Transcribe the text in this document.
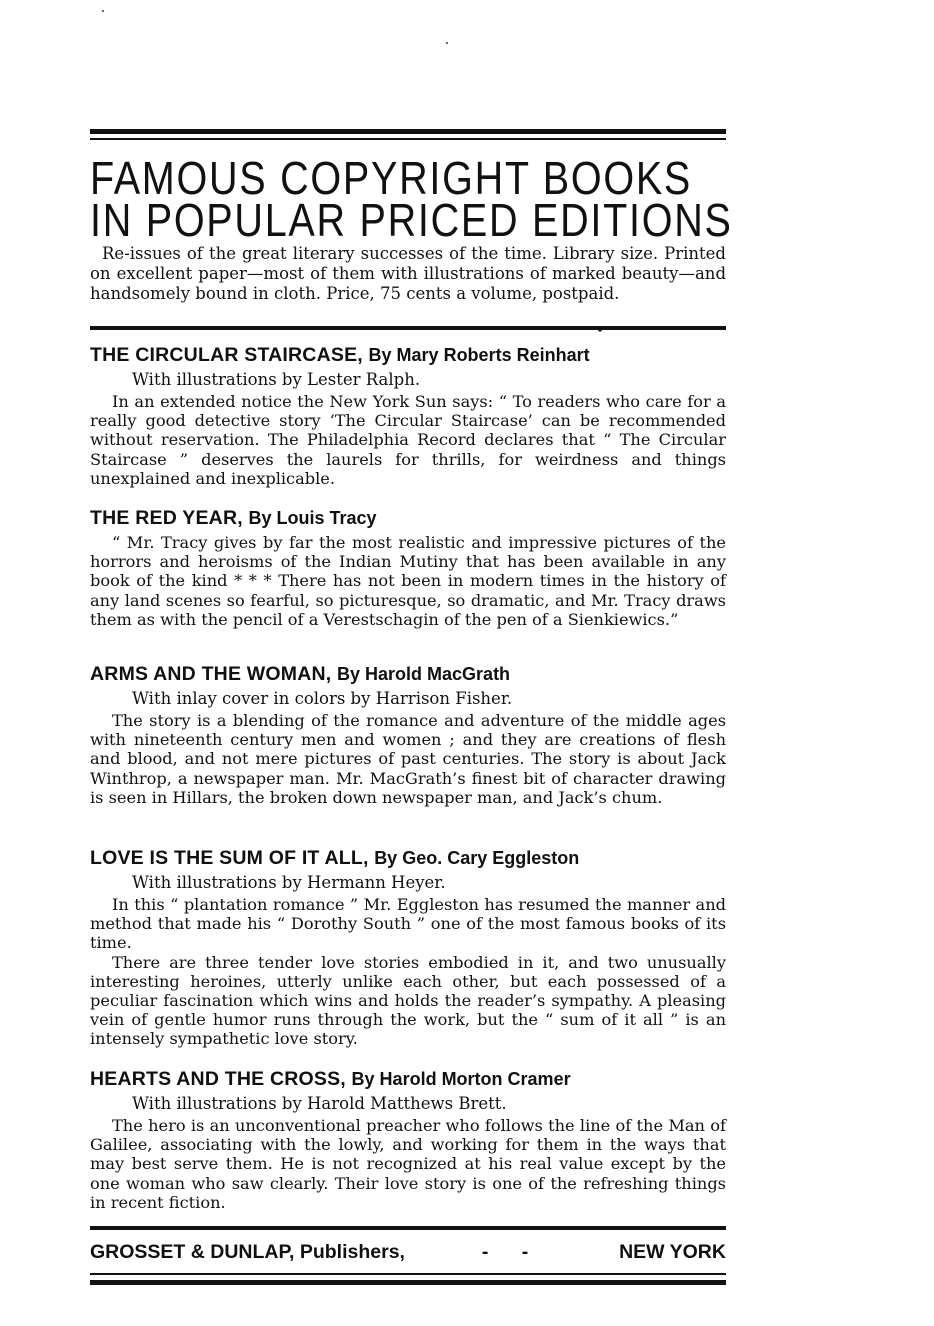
FAMOUS COPYRIGHT BOOKS
IN POPULAR PRICED EDITIONS

Re-issues of the great literary successes of the time. Library size. Printed on excellent paper—most of them with illustrations of marked beauty—and handsomely bound in cloth. Price, 75 cents a volume, postpaid.

THE CIRCULAR STAIRCASE, By Mary Roberts Reinhart
With illustrations by Lester Ralph.

In an extended notice the New York Sun says: “ To readers who care for a really good detective story ‘The Circular Staircase’ can be recommended without reservation. The Philadelphia Record declares that “ The Circular Staircase ” deserves the laurels for thrills, for weirdness and things unexplained and inexplicable.

THE RED YEAR, By Louis Tracy

“ Mr. Tracy gives by far the most realistic and impressive pictures of the horrors and heroisms of the Indian Mutiny that has been available in any book of the kind * * * There has not been in modern times in the history of any land scenes so fearful, so picturesque, so dramatic, and Mr. Tracy draws them as with the pencil of a Verestschagin of the pen of a Sienkiewics.”

ARMS AND THE WOMAN, By Harold MacGrath
With inlay cover in colors by Harrison Fisher.

The story is a blending of the romance and adventure of the middle ages with nineteenth century men and women ; and they are creations of flesh and blood, and not mere pictures of past centuries. The story is about Jack Winthrop, a newspaper man. Mr. MacGrath’s finest bit of character drawing is seen in Hillars, the broken down newspaper man, and Jack’s chum.

LOVE IS THE SUM OF IT ALL, By Geo. Cary Eggleston
With illustrations by Hermann Heyer.

In this “ plantation romance ” Mr. Eggleston has resumed the manner and method that made his “ Dorothy South ” one of the most famous books of its time.

There are three tender love stories embodied in it, and two unusually interesting heroines, utterly unlike each other, but each possessed of a peculiar fascination which wins and holds the reader’s sympathy. A pleasing vein of gentle humor runs through the work, but the “ sum of it all ” is an intensely sympathetic love story.

HEARTS AND THE CROSS, By Harold Morton Cramer
With illustrations by Harold Matthews Brett.

The hero is an unconventional preacher who follows the line of the Man of Galilee, associating with the lowly, and working for them in the ways that may best serve them. He is not recognized at his real value except by the one woman who saw clearly. Their love story is one of the refreshing things in recent fiction.

GROSSET & DUNLAP, Publishers,	- -	NEW YORK
